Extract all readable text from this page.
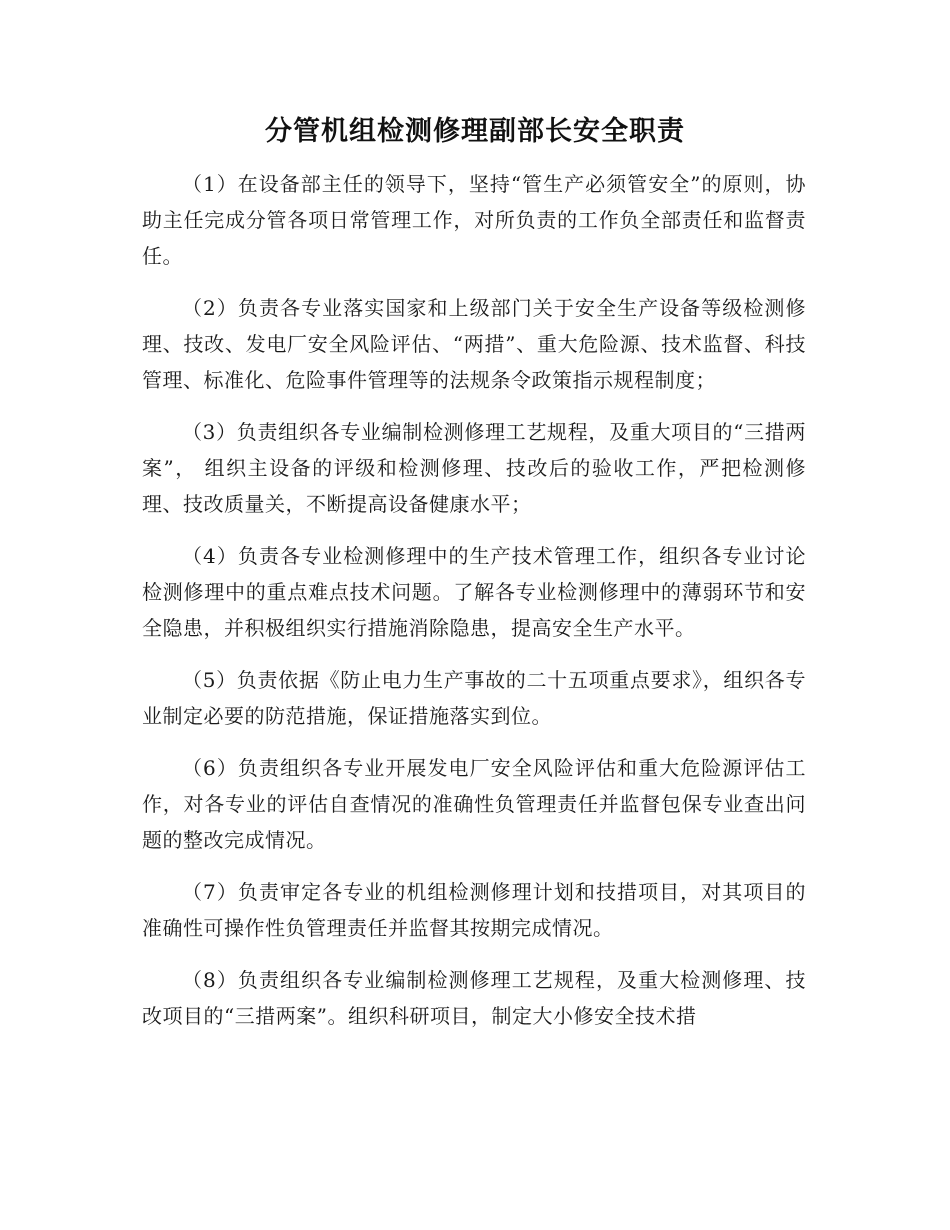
分管机组检测修理副部长安全职责

（1）在设备部主任的领导下，坚持“管生产必须管安全”的原则，协助主任完成分管各项日常管理工作，对所负责的工作负全部责任和监督责任。

（2）负责各专业落实国家和上级部门关于安全生产设备等级检测修理、技改、发电厂安全风险评估、“两措”、重大危险源、技术监督、科技管理、标准化、危险事件管理等的法规条令政策指示规程制度；

（3）负责组织各专业编制检测修理工艺规程，及重大项目的“三措两案”， 组织主设备的评级和检测修理、技改后的验收工作，严把检测修理、技改质量关，不断提高设备健康水平；

（4）负责各专业检测修理中的生产技术管理工作，组织各专业讨论检测修理中的重点难点技术问题。了解各专业检测修理中的薄弱环节和安全隐患，并积极组织实行措施消除隐患，提高安全生产水平。

（5）负责依据《防止电力生产事故的二十五项重点要求》，组织各专业制定必要的防范措施，保证措施落实到位。

（6）负责组织各专业开展发电厂安全风险评估和重大危险源评估工作，对各专业的评估自查情况的准确性负管理责任并监督包保专业查出问题的整改完成情况。

（7）负责审定各专业的机组检测修理计划和技措项目，对其项目的准确性可操作性负管理责任并监督其按期完成情况。

（8）负责组织各专业编制检测修理工艺规程，及重大检测修理、技改项目的“三措两案”。组织科研项目，制定大小修安全技术措
